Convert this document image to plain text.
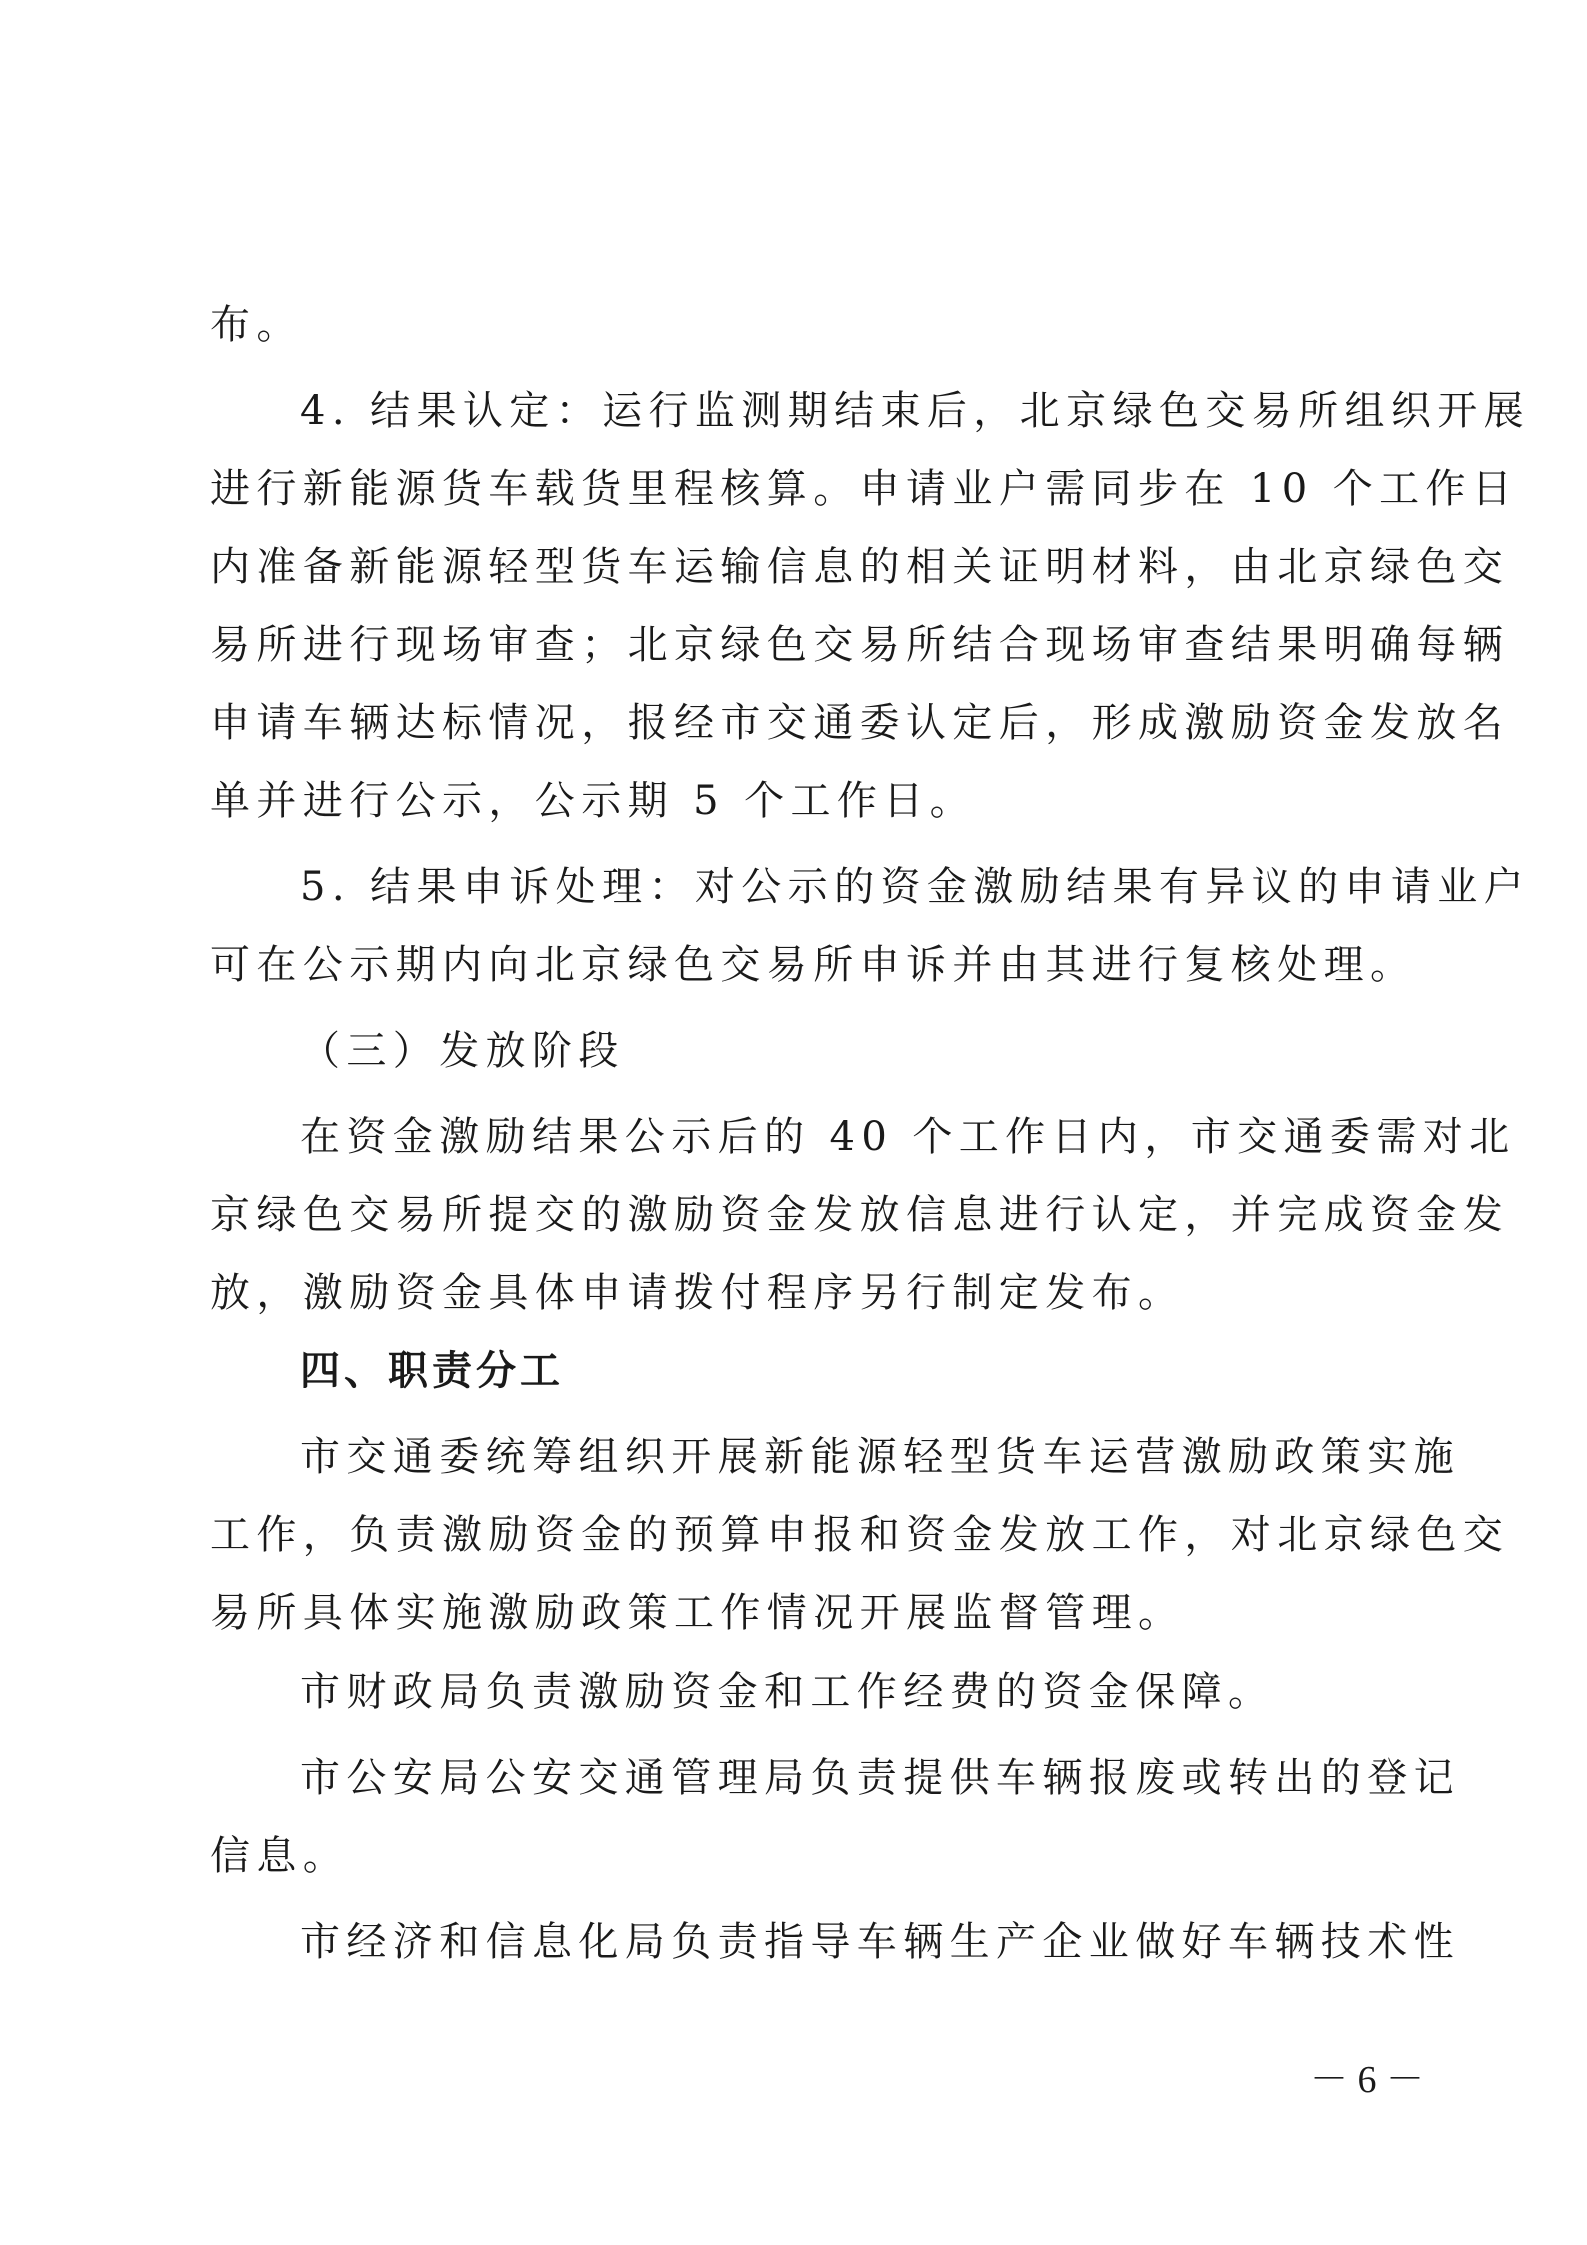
布。
4. 结果认定：运行监测期结束后，北京绿色交易所组织开展
进行新能源货车载货里程核算。申请业户需同步在 10 个工作日
内准备新能源轻型货车运输信息的相关证明材料，由北京绿色交
易所进行现场审查；北京绿色交易所结合现场审查结果明确每辆
申请车辆达标情况，报经市交通委认定后，形成激励资金发放名
单并进行公示，公示期 5 个工作日。
5. 结果申诉处理：对公示的资金激励结果有异议的申请业户
可在公示期内向北京绿色交易所申诉并由其进行复核处理。
（三）发放阶段
在资金激励结果公示后的 40 个工作日内，市交通委需对北
京绿色交易所提交的激励资金发放信息进行认定，并完成资金发
放，激励资金具体申请拨付程序另行制定发布。
四、职责分工
市交通委统筹组织开展新能源轻型货车运营激励政策实施
工作，负责激励资金的预算申报和资金发放工作，对北京绿色交
易所具体实施激励政策工作情况开展监督管理。
市财政局负责激励资金和工作经费的资金保障。
市公安局公安交通管理局负责提供车辆报废或转出的登记
信息。
市经济和信息化局负责指导车辆生产企业做好车辆技术性
－ 6 －
